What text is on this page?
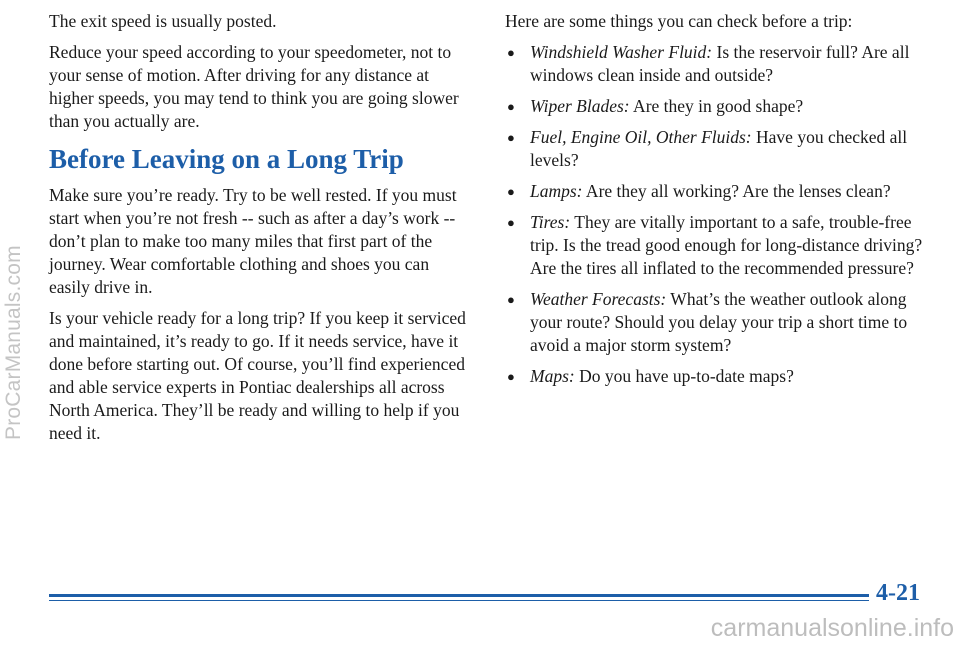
ProCarManuals.com

The exit speed is usually posted.

Reduce your speed according to your speedometer, not to your sense of motion. After driving for any distance at higher speeds, you may tend to think you are going slower than you actually are.

Before Leaving on a Long Trip

Make sure you’re ready. Try to be well rested. If you must start when you’re not fresh -- such as after a day’s work -- don’t plan to make too many miles that first part of the journey. Wear comfortable clothing and shoes you can easily drive in.

Is your vehicle ready for a long trip? If you keep it serviced and maintained, it’s ready to go. If it needs service, have it done before starting out. Of course, you’ll find experienced and able service experts in Pontiac dealerships all across North America. They’ll be ready and willing to help if you need it.

Here are some things you can check before a trip:

● Windshield Washer Fluid: Is the reservoir full? Are all windows clean inside and outside?
● Wiper Blades: Are they in good shape?
● Fuel, Engine Oil, Other Fluids: Have you checked all levels?
● Lamps: Are they all working? Are the lenses clean?
● Tires: They are vitally important to a safe, trouble-free trip. Is the tread good enough for long-distance driving? Are the tires all inflated to the recommended pressure?
● Weather Forecasts: What’s the weather outlook along your route? Should you delay your trip a short time to avoid a major storm system?
● Maps: Do you have up-to-date maps?
4-21
carmanualsonline.info
